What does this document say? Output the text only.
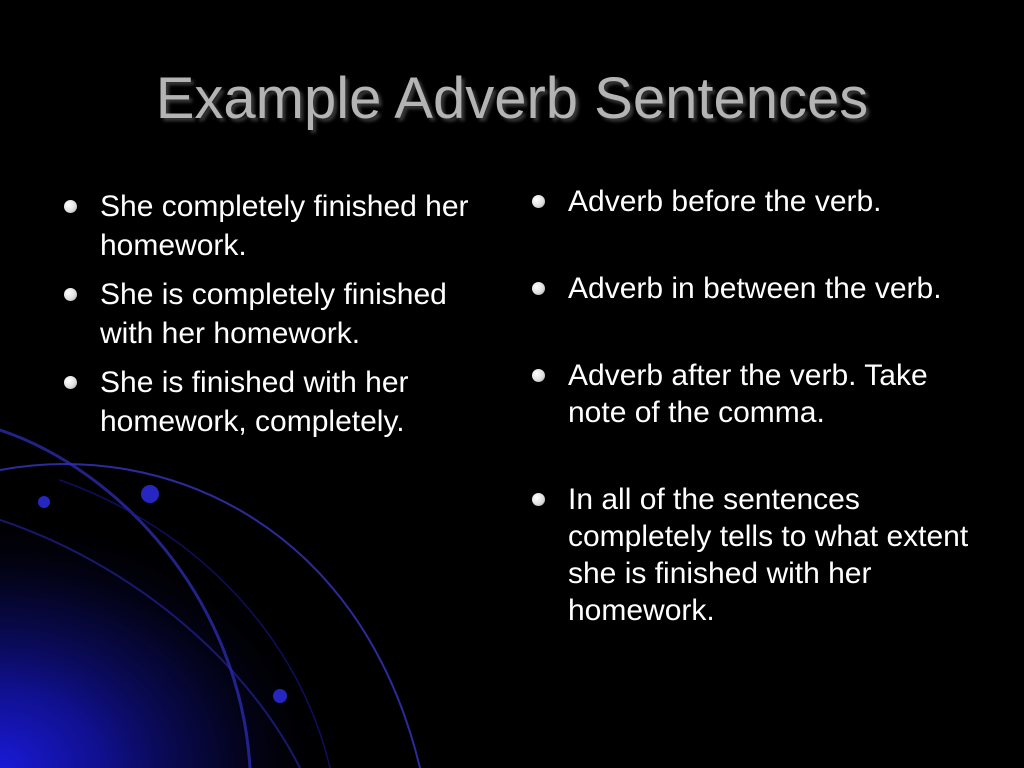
Example Adverb Sentences
She completely finished her homework.
She is completely finished with her homework.
She is finished with her homework, completely.
Adverb before the verb.
Adverb in between the verb.
Adverb after the verb. Take note of the comma.
In all of the sentences completely tells to what extent she is finished with her homework.
